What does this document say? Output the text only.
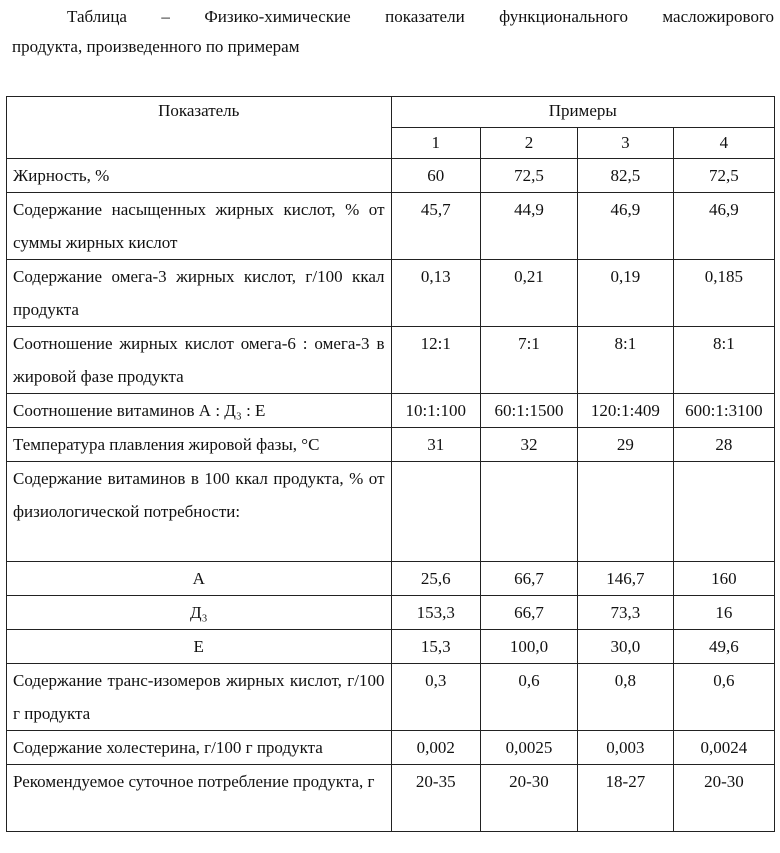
Таблица – Физико-химические показатели функционального масложирового
продукта, произведенного по примерам
Показатель	Примеры			
	1	2	3	4
Жирность, %	60	72,5	82,5	72,5
Содержание насыщенных жирных кислот, % от суммы жирных кислот	45,7	44,9	46,9	46,9
Содержание омега-3 жирных кислот, г/100 ккал продукта	0,13	0,21	0,19	0,185
Соотношение жирных кислот омега-6 : омега-3 в жировой фазе продукта	12:1	7:1	8:1	8:1
Соотношение витаминов А : Д₃ : Е	10:1:100	60:1:1500	120:1:409	600:1:3100
Температура плавления жировой фазы, °С	31	32	29	28
Содержание витаминов в 100 ккал продукта, % от физиологической потребности:				
А	25,6	66,7	146,7	160
Д₃	153,3	66,7	73,3	16
Е	15,3	100,0	30,0	49,6
Содержание транс-изомеров жирных кислот, г/100 г продукта	0,3	0,6	0,8	0,6
Содержание холестерина, г/100 г продукта	0,002	0,0025	0,003	0,0024
Рекомендуемое суточное потребление продукта, г	20-35	20-30	18-27	20-30
